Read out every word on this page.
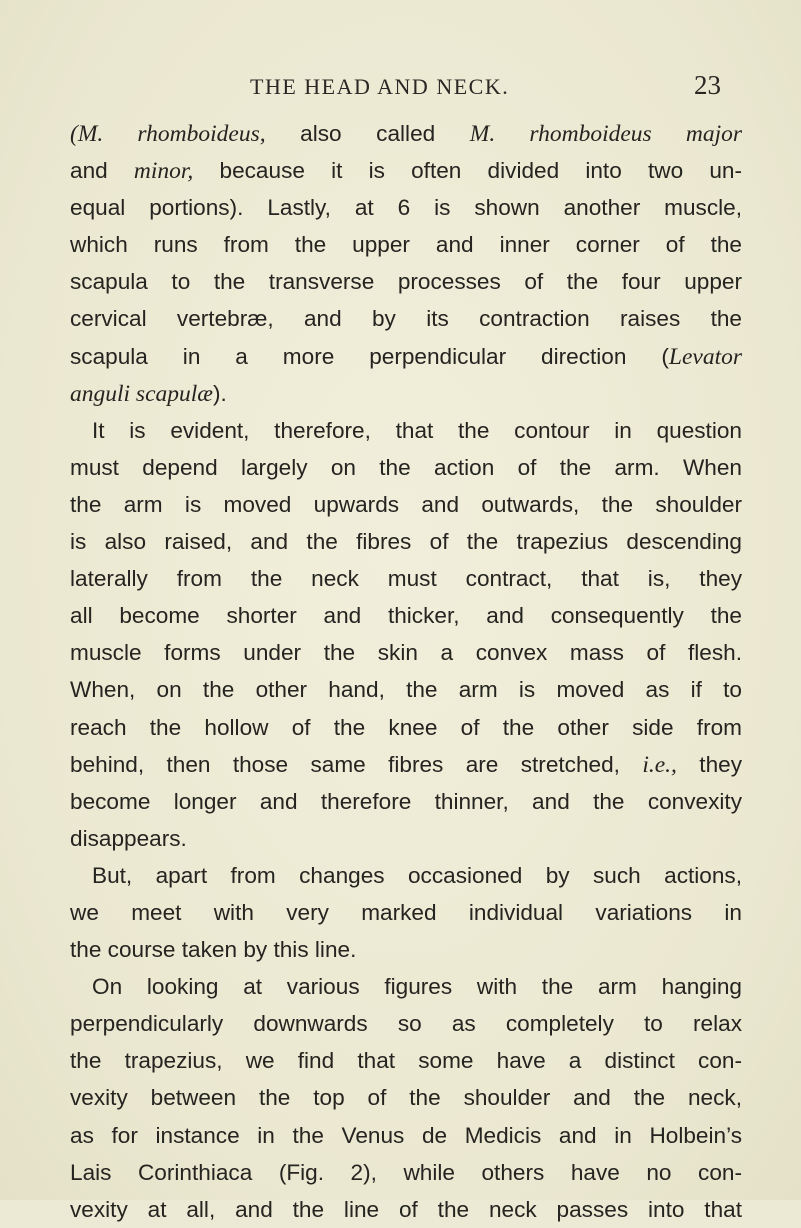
THE HEAD AND NECK.	23
(M. rhomboideus, also called M. rhomboideus major
and minor, because it is often divided into two un-
equal portions). Lastly, at 6 is shown another muscle,
which runs from the upper and inner corner of the
scapula to the transverse processes of the four upper
cervical vertebræ, and by its contraction raises the
scapula in a more perpendicular direction (Levator
anguli scapulæ).
It is evident, therefore, that the contour in question
must depend largely on the action of the arm. When
the arm is moved upwards and outwards, the shoulder
is also raised, and the fibres of the trapezius descending
laterally from the neck must contract, that is, they
all become shorter and thicker, and consequently the
muscle forms under the skin a convex mass of flesh.
When, on the other hand, the arm is moved as if to
reach the hollow of the knee of the other side from
behind, then those same fibres are stretched, i.e., they
become longer and therefore thinner, and the convexity
disappears.
But, apart from changes occasioned by such actions,
we meet with very marked individual variations in
the course taken by this line.
On looking at various figures with the arm hanging
perpendicularly downwards so as completely to relax
the trapezius, we find that some have a distinct con-
vexity between the top of the shoulder and the neck,
as for instance in the Venus de Medicis and in Holbein’s
Lais Corinthiaca (Fig. 2), while others have no con-
vexity at all, and the line of the neck passes into that
